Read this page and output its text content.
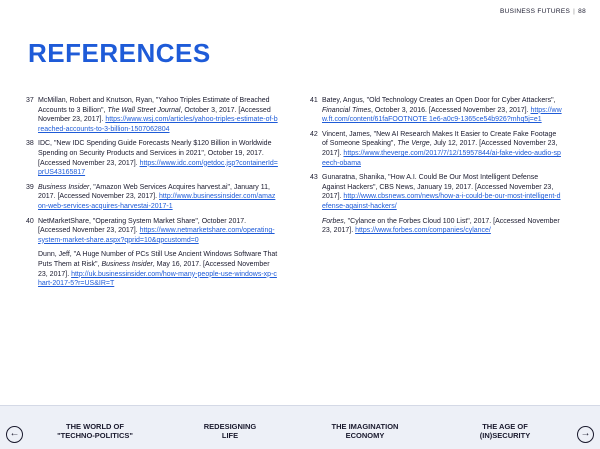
BUSINESS FUTURES | 88
REFERENCES
37 McMillan, Robert and Knutson, Ryan, "Yahoo Triples Estimate of Breached Accounts to 3 Billion", The Wall Street Journal, October 3, 2017. [Accessed November 23, 2017]. https://www.wsj.com/articles/yahoo-triples-estimate-of-breached-accounts-to-3-billion-1507062804
38 IDC, "New IDC Spending Guide Forecasts Nearly $120 Billion in Worldwide Spending on Security Products and Services in 2021", October 19, 2017. [Accessed November 23, 2017]. https://www.idc.com/getdoc.jsp?containerId=prUS43165817
39 Business Insider, "Amazon Web Services Acquires harvest.ai", January 11, 2017. [Accessed November 23, 2017]. http://www.businessinsider.com/amazon-web-services-acquires-harvestai-2017-1
40 NetMarketShare, "Operating System Market Share", October 2017. [Accessed November 23, 2017]. https://www.netmarketshare.com/operating-system-market-share.aspx?qprid=10&qpcustomd=0
Dunn, Jeff, "A Huge Number of PCs Still Use Ancient Windows Software That Puts Them at Risk", Business Insider, May 16, 2017. [Accessed November 23, 2017]. http://uk.businessinsider.com/how-many-people-use-windows-xp-chart-2017-5?r=US&IR=T
41 Batey, Angus, "Old Technology Creates an Open Door for Cyber Attackers", Financial Times, October 3, 2016. [Accessed November 23, 2017]. https://www.ft.com/content/61faFOOTNOTE 1e6-a0c9-1365ce54b926?mhq5j=e1
42 Vincent, James, "New AI Research Makes It Easier to Create Fake Footage of Someone Speaking", The Verge, July 12, 2017. [Accessed November 23, 2017]. https://www.theverge.com/2017/7/12/15957844/ai-fake-video-audio-speech-obama
43 Gunaratna, Shanika, "How A.I. Could Be Our Most Intelligent Defense Against Hackers", CBS News, January 19, 2017. [Accessed November 23, 2017]. http://www.cbsnews.com/news/how-a-i-could-be-our-most-intelligent-defense-against-hackers/
Forbes, "Cylance on the Forbes Cloud 100 List", 2017. [Accessed November 23, 2017]. https://www.forbes.com/companies/cylance/
←
THE WORLD OF
"TECHNO-POLITICS"
REDESIGNING
LIFE
THE IMAGINATION
ECONOMY
THE AGE OF
(IN)SECURITY	→
